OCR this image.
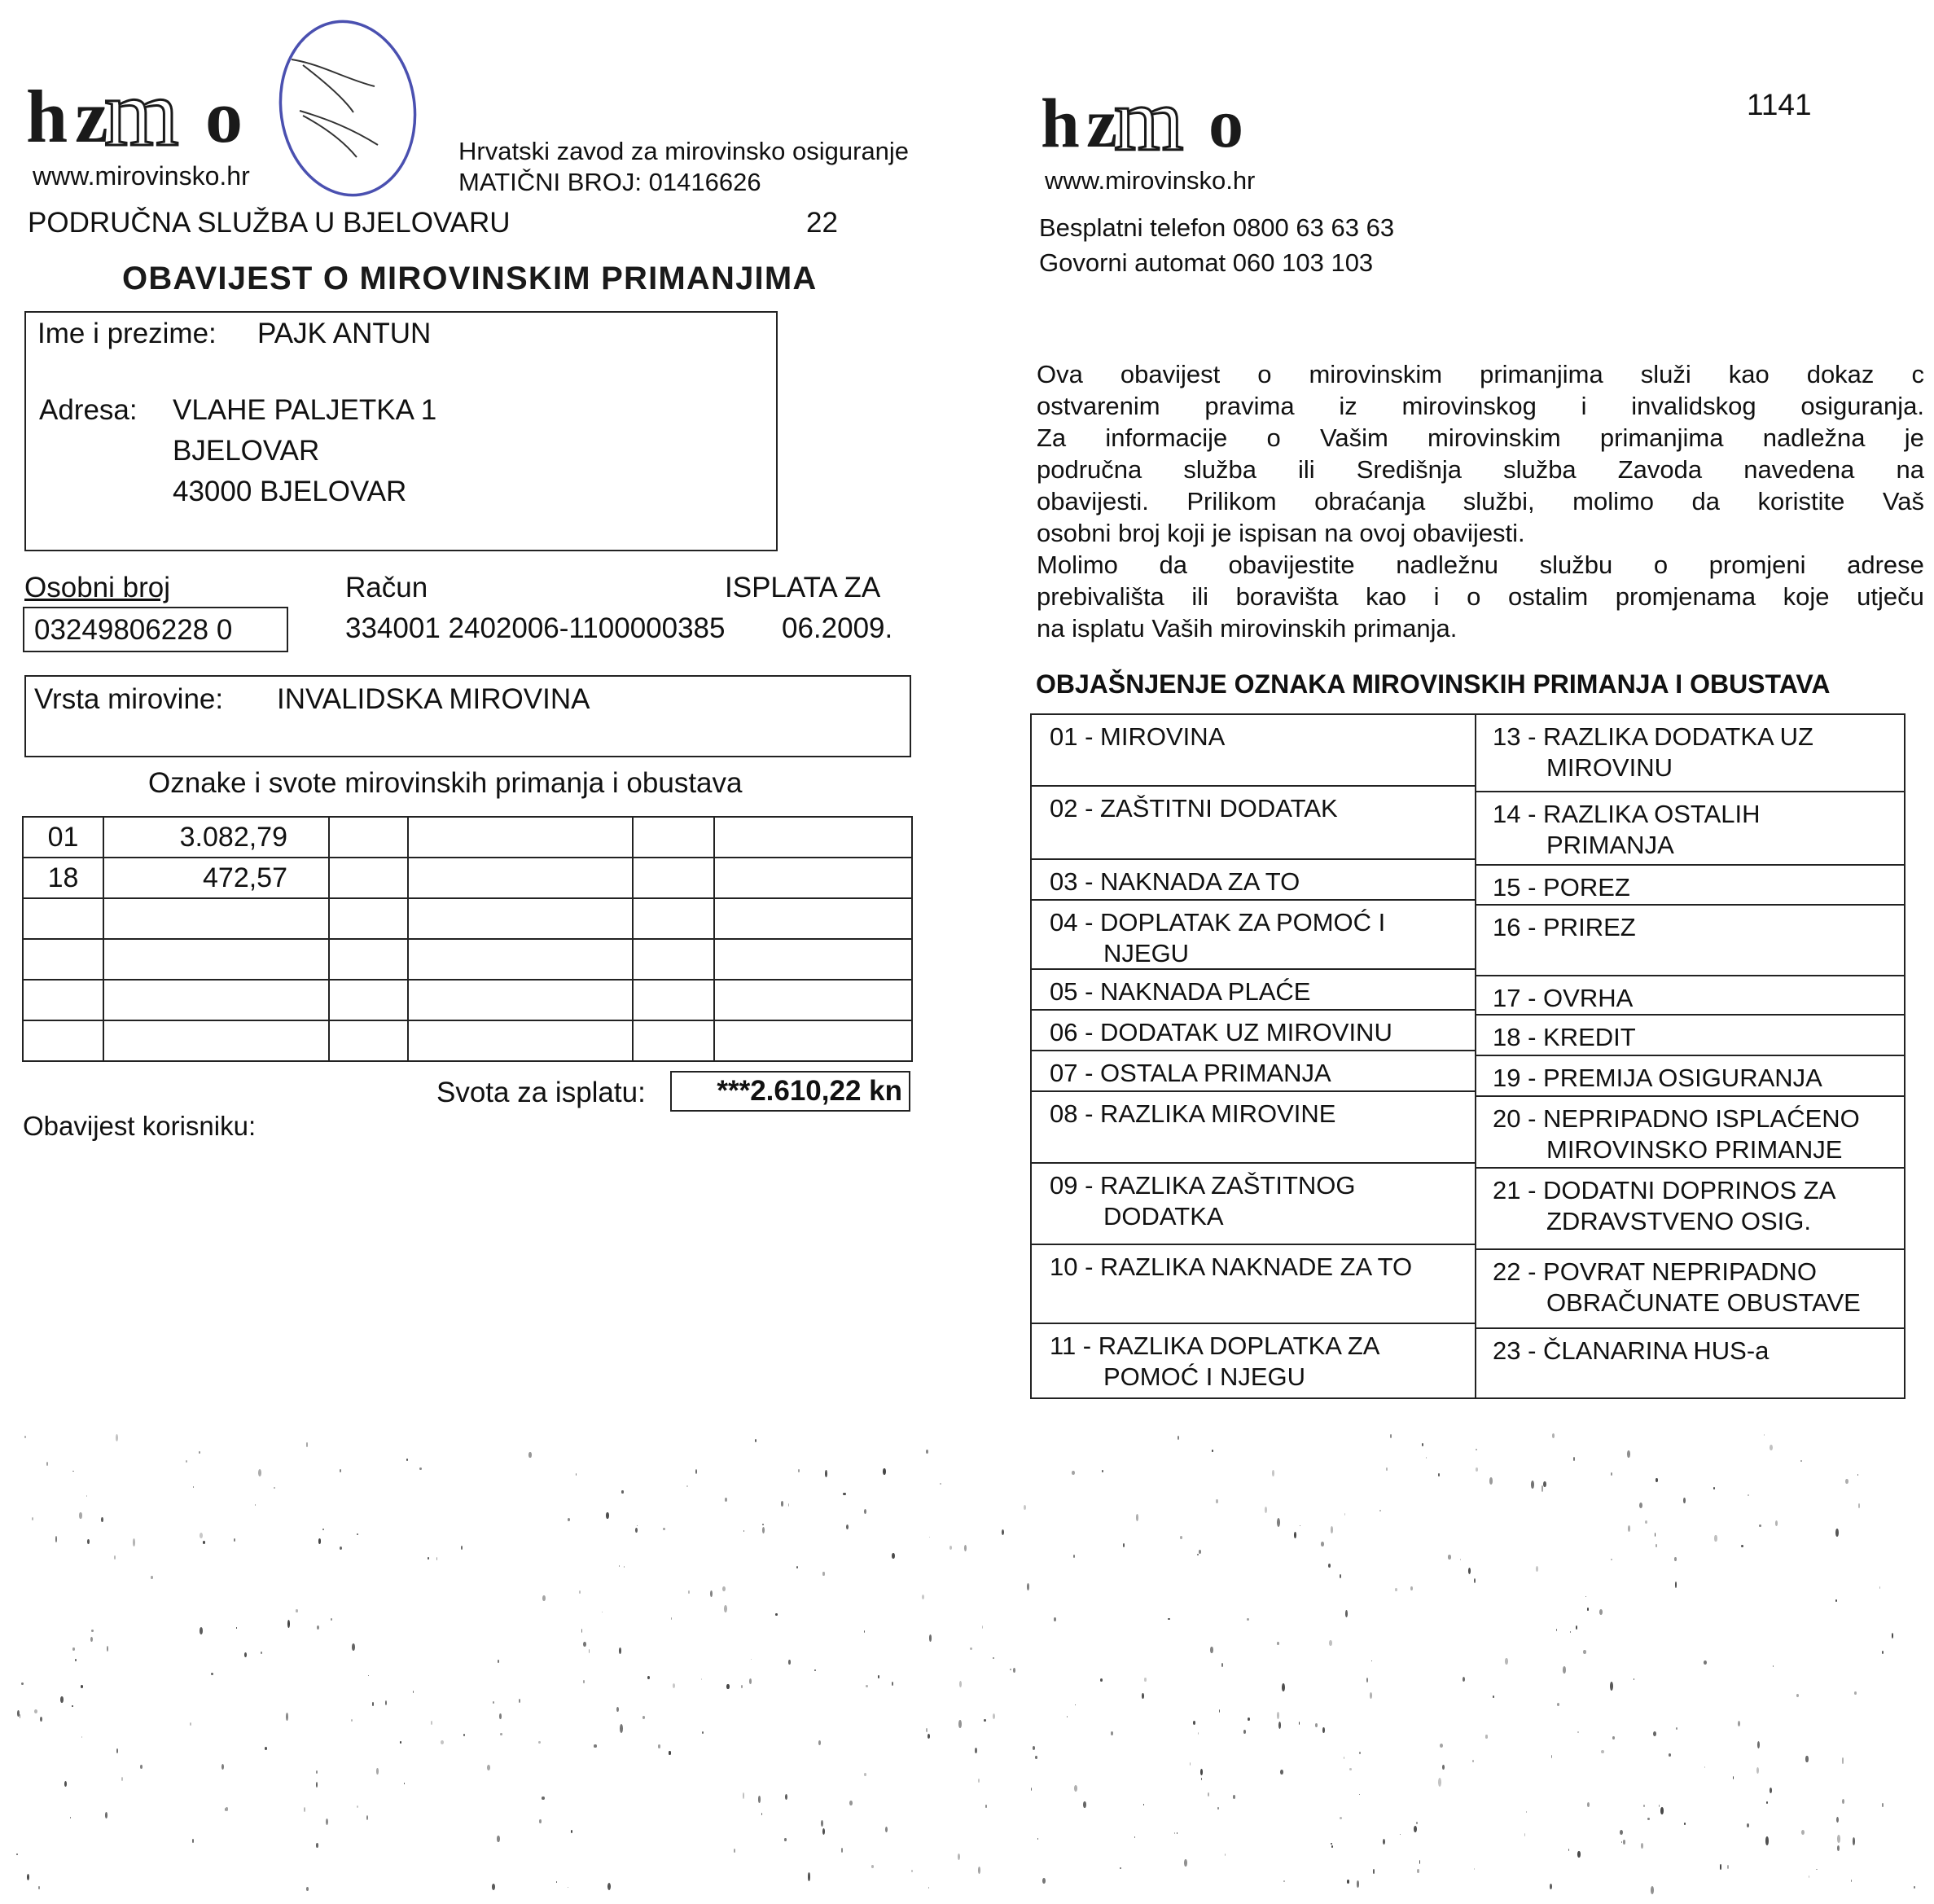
h z
m o
www.mirovinsko.hr
Hrvatski zavod za mirovinsko osiguranje
MATIČNI BROJ: 01416626
PODRUČNA SLUŽBA U BJELOVARU	22
OBAVIJEST O MIROVINSKIM PRIMANJIMA
Ime i prezime: PAJK ANTUN
Adresa: VLAHE PALJETKA 1
BJELOVAR
43000 BJELOVAR
Osobni broj
03249806228 0
Račun
334001 2402006-1100000385
ISPLATA ZA
06.2009.
Vrsta mirovine: INVALIDSKA MIROVINA
Oznake i svote mirovinskih primanja i obustava
01	3.082,79				
18	472,57				

Svota za isplatu:	***2.610,22 kn
Obavijest korisniku:
h z
m o	1141
www.mirovinsko.hr
Besplatni telefon 0800 63 63 63
Govorni automat 060 103 103
Ova obavijest o mirovinskim primanjima služi kao dokaz c
ostvarenim pravima iz mirovinskog i invalidskog osiguranja.
Za informacije o Vašim mirovinskim primanjima nadležna je
područna služba ili Središnja služba Zavoda navedena na
obavijesti. Prilikom obraćanja službi, molimo da koristite Vaš
osobni broj koji je ispisan na ovoj obavijesti.
Molimo da obavijestite nadležnu službu o promjeni adrese
prebivališta ili boravišta kao i o ostalim promjenama koje utječu
na isplatu Vaših mirovinskih primanja.
OBJAŠNJENJE OZNAKA MIROVINSKIH PRIMANJA I OBUSTAVA
01 - MIROVINA
02 - ZAŠTITNI DODATAK
03 - NAKNADA ZA TO
04 - DOPLATAK ZA POMOĆ I
NJEGU
05 - NAKNADA PLAĆE
06 - DODATAK UZ MIROVINU
07 - OSTALA PRIMANJA
08 - RAZLIKA MIROVINE
09 - RAZLIKA ZAŠTITNOG
DODATKA
10 - RAZLIKA NAKNADE ZA TO
11 - RAZLIKA DOPLATKA ZA
POMOĆ I NJEGU
13 - RAZLIKA DODATKA UZ
MIROVINU
14 - RAZLIKA OSTALIH
PRIMANJA
15 - POREZ
16 - PRIREZ
17 - OVRHA
18 - KREDIT
19 - PREMIJA OSIGURANJA
20 - NEPRIPADNO ISPLAĆENO
MIROVINSKO PRIMANJE
21 - DODATNI DOPRINOS ZA
ZDRAVSTVENO OSIG.
22 - POVRAT NEPRIPADNO
OBRAČUNATE OBUSTAVE
23 - ČLANARINA HUS-a
